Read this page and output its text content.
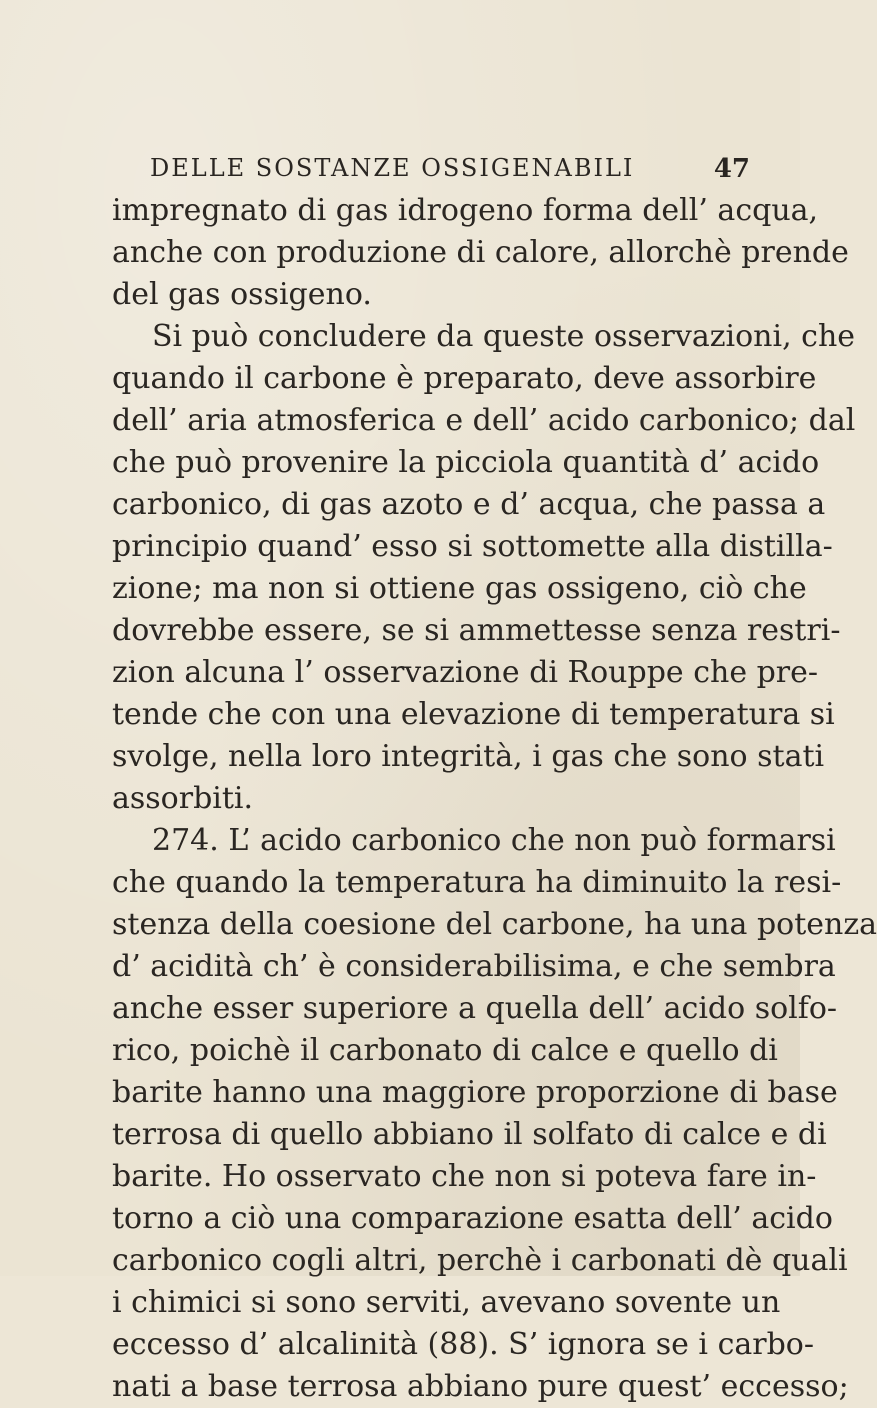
DELLE SOSTANZE OSSIGENABILI	47
impregnato di gas idrogeno forma dell’ acqua,
anche con produzione di calore, allorchè prende
del gas ossigeno.
Si può concludere da queste osservazioni, che
quando il carbone è preparato, deve assorbire
dell’ aria atmosferica e dell’ acido carbonico; dal
che può provenire la picciola quantità d’ acido
carbonico, di gas azoto e d’ acqua, che passa a
principio quand’ esso si sottomette alla distilla-
zione; ma non si ottiene gas ossigeno, ciò che
dovrebbe essere, se si ammettesse senza restri-
zion alcuna l’ osservazione di Rouppe che pre-
tende che con una elevazione di temperatura si
svolge, nella loro integrità, i gas che sono stati
assorbiti.
274. L’ acido carbonico che non può formarsi
che quando la temperatura ha diminuito la resi-
stenza della coesione del carbone, ha una potenza
d’ acidità ch’ è considerabilisima, e che sembra
anche esser superiore a quella dell’ acido solfo-
rico, poichè il carbonato di calce e quello di
barite hanno una maggiore proporzione di base
terrosa di quello abbiano il solfato di calce e di
barite. Ho osservato che non si poteva fare in-
torno a ciò una comparazione esatta dell’ acido
carbonico cogli altri, perchè i carbonati dè quali
i chimici si sono serviti, avevano sovente un
eccesso d’ alcalinità (88). S’ ignora se i carbo-
nati a base terrosa abbiano pure quest’ eccesso;
